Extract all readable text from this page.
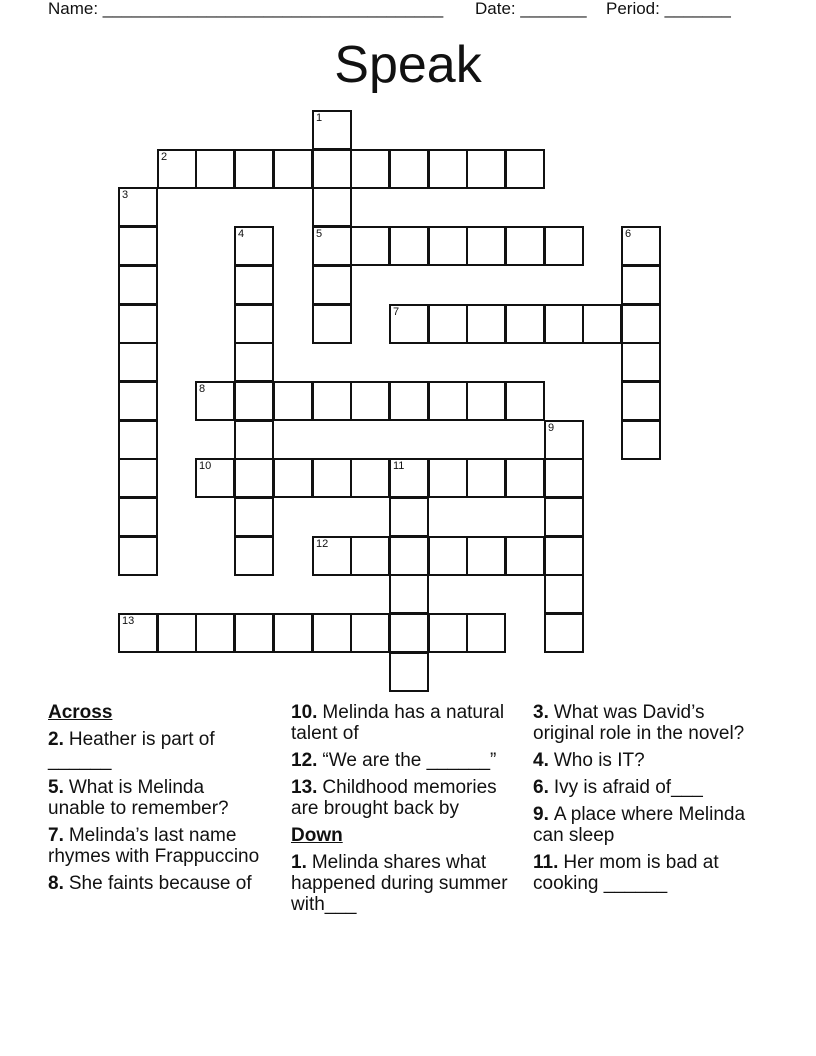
Name: ____________________________________ Date: _______ Period: _______
Speak
1
5
2
3
4	6
7
8
9
10	11
12
13
Across
2. Heather is part of ______
5. What is Melinda unable to remember?
7. Melinda’s last name rhymes with Frappuccino
8. She faints because of
10. Melinda has a natural talent of
12. “We are the ______”
13. Childhood memories are brought back by
Down
1. Melinda shares what happened during summer with___
3. What was David’s original role in the novel?
4. Who is IT?
6. Ivy is afraid of___
9. A place where Melinda can sleep
11. Her mom is bad at cooking ______
